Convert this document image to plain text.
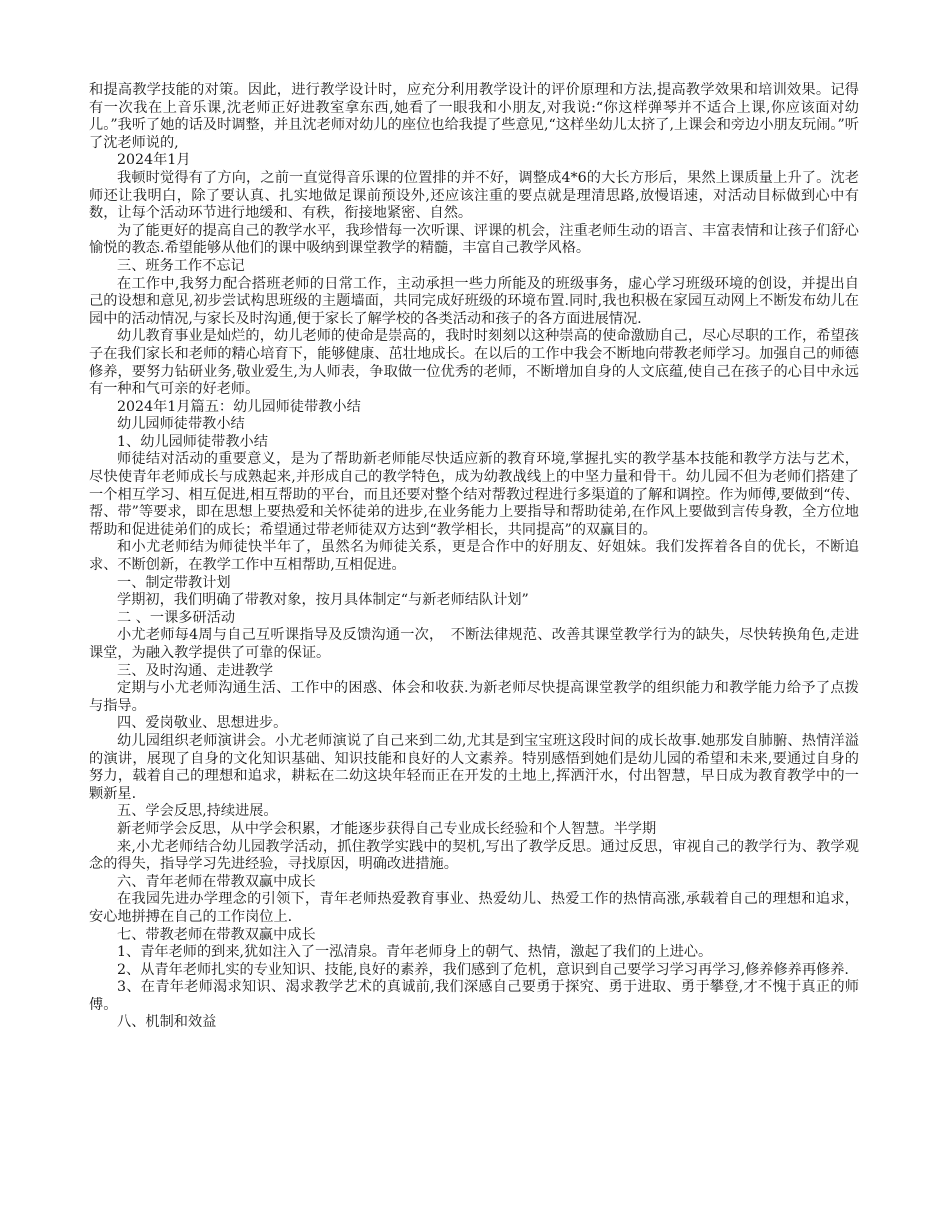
和提高教学技能的对策。因此，进行教学设计时，应充分利用教学设计的评价原理和方法,提高教学效果和培训效果。记得有一次我在上音乐课,沈老师正好进教室拿东西,她看了一眼我和小朋友,对我说:“你这样弹琴并不适合上课,你应该面对幼儿。”我听了她的话及时调整，并且沈老师对幼儿的座位也给我提了些意见,“这样坐幼儿太挤了,上课会和旁边小朋友玩闹。”听了沈老师说的,

2024年1月

我顿时觉得有了方向，之前一直觉得音乐课的位置排的并不好，调整成4*6的大长方形后，果然上课质量上升了。沈老师还让我明白，除了要认真、扎实地做足课前预设外,还应该注重的要点就是理清思路,放慢语速，对活动目标做到心中有数，让每个活动环节进行地缓和、有秩，衔接地紧密、自然。

为了能更好的提高自己的教学水平，我珍惜每一次听课、评课的机会，注重老师生动的语言、丰富表情和让孩子们舒心愉悦的教态.希望能够从他们的课中吸纳到课堂教学的精髓，丰富自己教学风格。

三、班务工作不忘记

在工作中,我努力配合搭班老师的日常工作，主动承担一些力所能及的班级事务，虚心学习班级环境的创设，并提出自己的设想和意见,初步尝试构思班级的主题墙面，共同完成好班级的环境布置.同时,我也积极在家园互动网上不断发布幼儿在园中的活动情况,与家长及时沟通,便于家长了解学校的各类活动和孩子的各方面进展情况.

幼儿教育事业是灿烂的，幼儿老师的使命是崇高的，我时时刻刻以这种崇高的使命激励自己，尽心尽职的工作，希望孩子在我们家长和老师的精心培育下，能够健康、茁壮地成长。在以后的工作中我会不断地向带教老师学习。加强自己的师德修养，要努力钻研业务,敬业爱生,为人师表，争取做一位优秀的老师，不断增加自身的人文底蕴,使自己在孩子的心目中永远有一种和气可亲的好老师。

2024年1月篇五：幼儿园师徒带教小结

幼儿园师徒带教小结

1、幼儿园师徒带教小结

师徒结对活动的重要意义，是为了帮助新老师能尽快适应新的教育环境,掌握扎实的教学基本技能和教学方法与艺术，尽快使青年老师成长与成熟起来,并形成自己的教学特色，成为幼教战线上的中坚力量和骨干。幼儿园不但为老师们搭建了一个相互学习、相互促进,相互帮助的平台，而且还要对整个结对帮教过程进行多渠道的了解和调控。作为师傅,要做到“传、帮、带”等要求，即在思想上要热爱和关怀徒弟的进步,在业务能力上要指导和帮助徒弟,在作风上要做到言传身教，全方位地帮助和促进徒弟们的成长；希望通过带老师徒双方达到“教学相长，共同提高”的双赢目的。

和小尤老师结为师徒快半年了，虽然名为师徒关系，更是合作中的好朋友、好姐妹。我们发挥着各自的优长，不断追求、不断创新，在教学工作中互相帮助,互相促进。

一、制定带教计划

学期初，我们明确了带教对象，按月具体制定“与新老师结队计划”

二 、一课多研活动

小尤老师每4周与自己互听课指导及反馈沟通一次，　不断法律规范、改善其课堂教学行为的缺失，尽快转换角色,走进课堂，为融入教学提供了可靠的保证。

三、及时沟通、走进教学

定期与小尤老师沟通生活、工作中的困惑、体会和收获.为新老师尽快提高课堂教学的组织能力和教学能力给予了点拨与指导。

四、爱岗敬业、思想进步。

幼儿园组织老师演讲会。小尤老师演说了自己来到二幼,尤其是到宝宝班这段时间的成长故事.她那发自肺腑、热情洋溢的演讲，展现了自身的文化知识基础、知识技能和良好的人文素养。特别感悟到她们是幼儿园的希望和未来,要通过自身的努力，载着自己的理想和追求，耕耘在二幼这块年轻而正在开发的土地上,挥洒汗水，付出智慧，早日成为教育教学中的一颗新星.

五、学会反思,持续进展。

新老师学会反思，从中学会积累，才能逐步获得自己专业成长经验和个人智慧。半学期

来,小尤老师结合幼儿园教学活动，抓住教学实践中的契机,写出了教学反思。通过反思，审视自己的教学行为、教学观念的得失，指导学习先进经验，寻找原因，明确改进措施。

六、青年老师在带教双赢中成长

在我园先进办学理念的引领下，青年老师热爱教育事业、热爱幼儿、热爱工作的热情高涨,承载着自己的理想和追求，安心地拼搏在自己的工作岗位上.

七、带教老师在带教双赢中成长

1、青年老师的到来,犹如注入了一泓清泉。青年老师身上的朝气、热情，激起了我们的上进心。

2、从青年老师扎实的专业知识、技能,良好的素养，我们感到了危机，意识到自己要学习学习再学习,修养修养再修养.

3、在青年老师渴求知识、渴求教学艺术的真诚前,我们深感自己要勇于探究、勇于进取、勇于攀登,才不愧于真正的师傅。

八、机制和效益
